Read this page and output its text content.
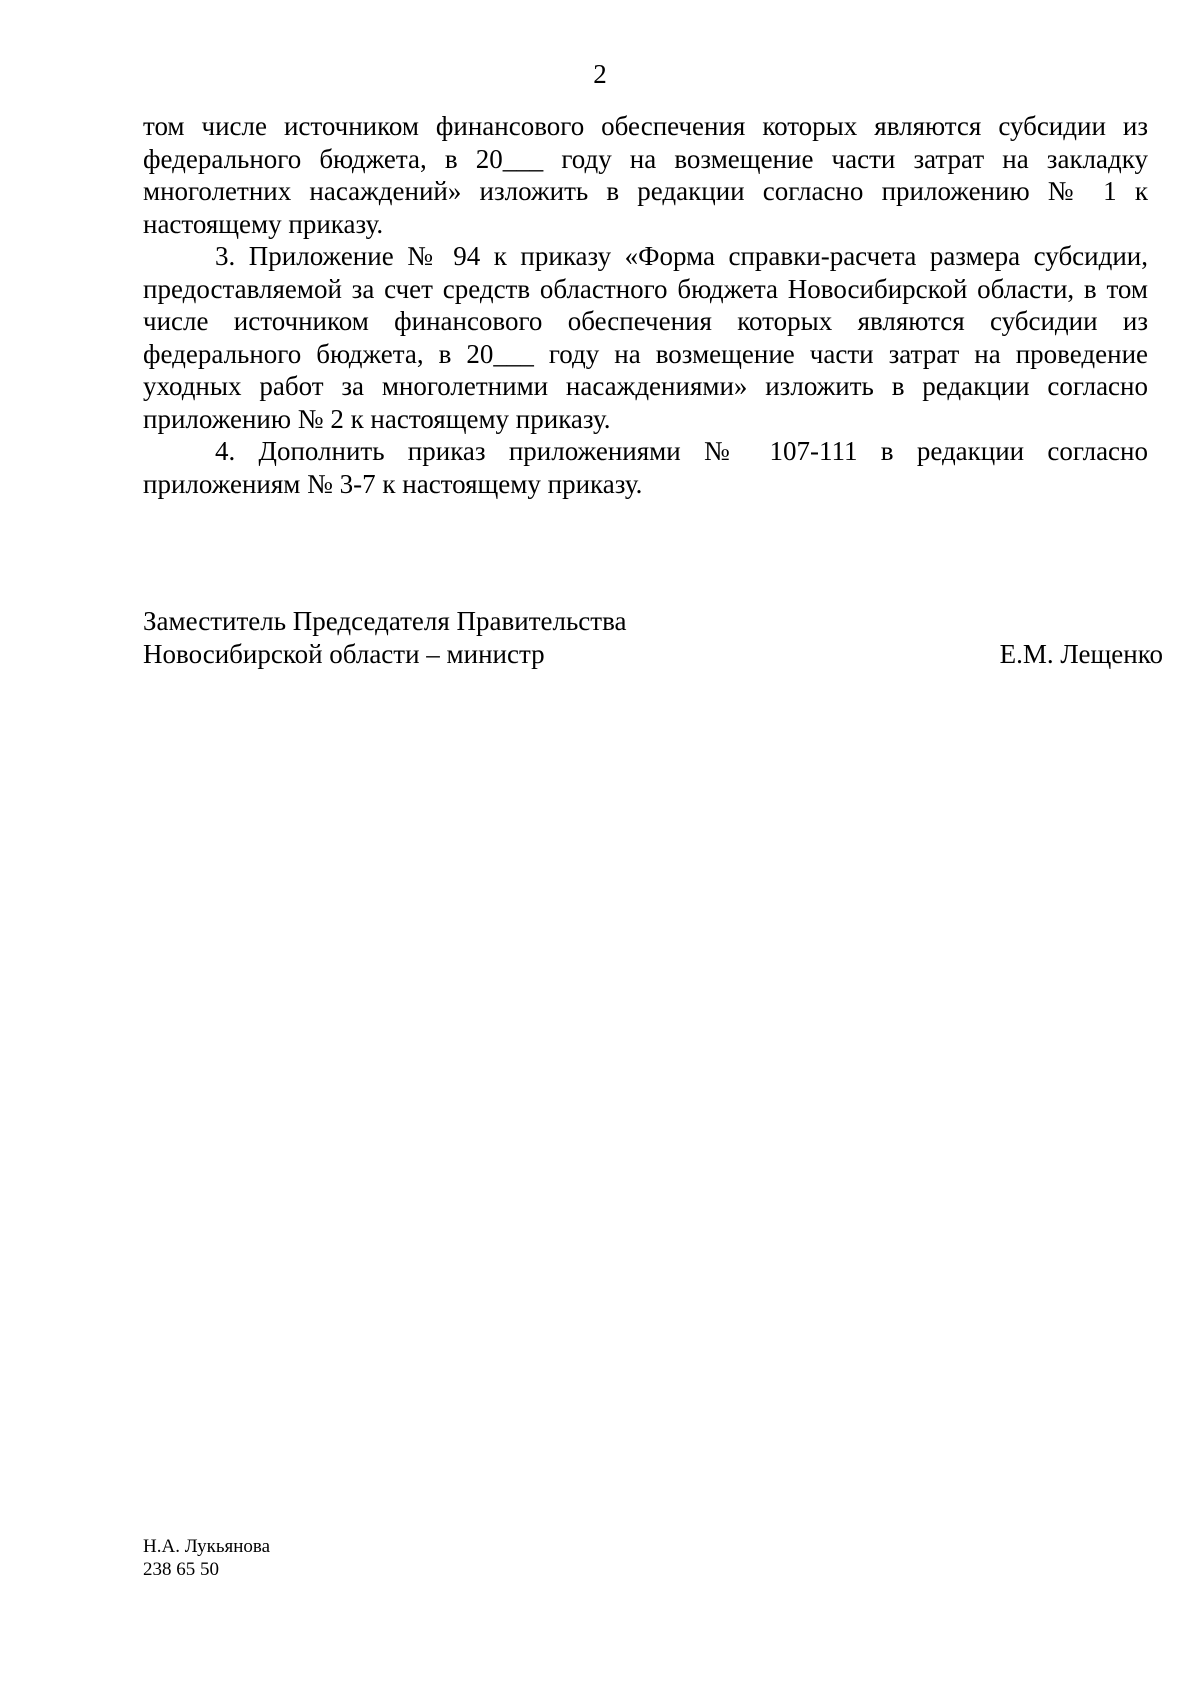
2

том числе источником финансового обеспечения которых являются субсидии из федерального бюджета, в 20___ году на возмещение части затрат на закладку многолетних насаждений» изложить в редакции согласно приложению № 1 к настоящему приказу.

3. Приложение № 94 к приказу «Форма справки-расчета размера субсидии, предоставляемой за счет средств областного бюджета Новосибирской области, в том числе источником финансового обеспечения которых являются субсидии из федерального бюджета, в 20___ году на возмещение части затрат на проведение уходных работ за многолетними насаждениями» изложить в редакции согласно приложению № 2 к настоящему приказу.

4. Дополнить приказ приложениями № 107-111 в редакции согласно приложениям № 3-7 к настоящему приказу.

Заместитель Председателя Правительства
Новосибирской области – министр	Е.М. Лещенко
Н.А. Лукьянова
238 65 50
